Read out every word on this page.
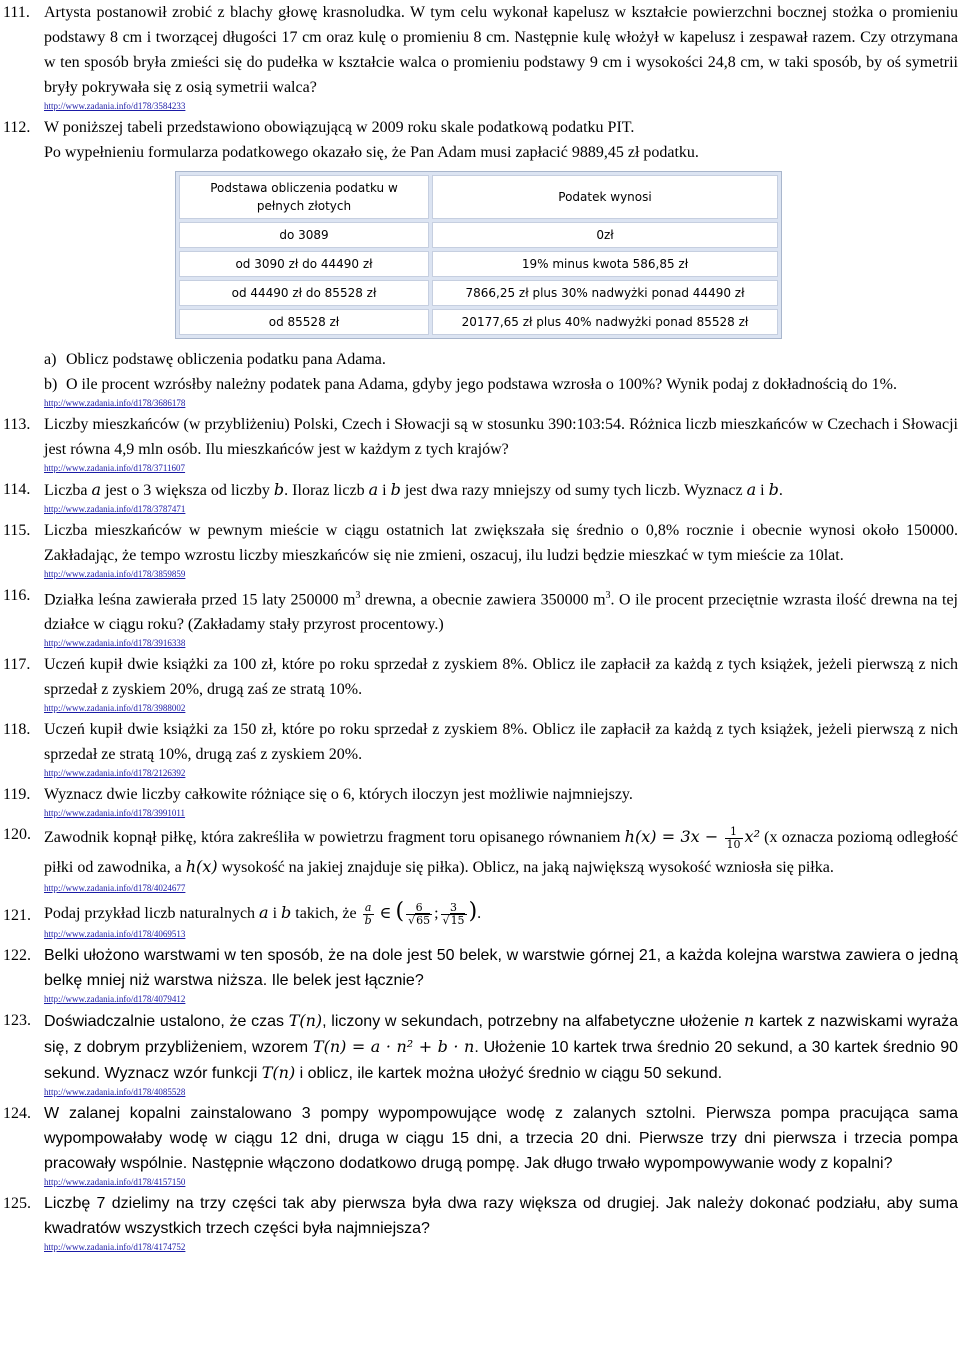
111. Artysta postanowił zrobić z blachy głowę krasnoludka. W tym celu wykonał kapelusz w kształcie powierzchni bocznej stożka o promieniu podstawy 8 cm i tworzącej długości 17 cm oraz kulę o promieniu 8 cm. Następnie kulę włożył w kapelusz i zespawał razem. Czy otrzymana w ten sposób bryła zmieści się do pudełka w kształcie walca o promieniu podstawy 9 cm i wysokości 24,8 cm, w taki sposób, by oś symetrii bryły pokrywała się z osią symetrii walca?
http://www.zadania.info/d178/3584233
112. W poniższej tabeli przedstawiono obowiązującą w 2009 roku skale podatkową podatku PIT.
Po wypełnieniu formularza podatkowego okazało się, że Pan Adam musi zapłacić 9889,45 zł podatku.
Podstawa obliczenia podatku w pełnych złotych	Podatek wynosi
do 3089	0zł
od 3090 zł do 44490 zł	19% minus kwota 586,85 zł
od 44490 zł do 85528 zł	7866,25 zł plus 30% nadwyżki ponad 44490 zł
od 85528 zł	20177,65 zł plus 40% nadwyżki ponad 85528 zł
a) Oblicz podstawę obliczenia podatku pana Adama.
b) O ile procent wzrósłby należny podatek pana Adama, gdyby jego podstawa wzrosła o 100%? Wynik podaj z dokładnością do 1%.
http://www.zadania.info/d178/3686178
113. Liczby mieszkańców (w przybliżeniu) Polski, Czech i Słowacji są w stosunku 390:103:54. Różnica liczb mieszkańców w Czechach i Słowacji jest równa 4,9 mln osób. Ilu mieszkańców jest w każdym z tych krajów?
http://www.zadania.info/d178/3711607
114. Liczba a jest o 3 większa od liczby b. Iloraz liczb a i b jest dwa razy mniejszy od sumy tych liczb. Wyznacz a i b.
http://www.zadania.info/d178/3787471
115. Liczba mieszkańców w pewnym mieście w ciągu ostatnich lat zwiększała się średnio o 0,8% rocznie i obecnie wynosi około 150000. Zakładając, że tempo wzrostu liczby mieszkańców się nie zmieni, oszacuj, ilu ludzi będzie mieszkać w tym mieście za 10lat.
http://www.zadania.info/d178/3859859
116. Działka leśna zawierała przed 15 laty 250000 $m^3$ drewna, a obecnie zawiera 350000 $m^3$. O ile procent przeciętnie wzrasta ilość drewna na tej działce w ciągu roku? (Zakładamy stały przyrost procentowy.)
http://www.zadania.info/d178/3916338
117. Uczeń kupił dwie książki za 100 zł, które po roku sprzedał z zyskiem 8%. Oblicz ile zapłacił za każdą z tych książek, jeżeli pierwszą z nich sprzedał z zyskiem 20%, drugą zaś ze stratą 10%.
http://www.zadania.info/d178/3988002
118. Uczeń kupił dwie książki za 150 zł, które po roku sprzedał z zyskiem 8%. Oblicz ile zapłacił za każdą z tych książek, jeżeli pierwszą z nich sprzedał ze stratą 10%, drugą zaś z zyskiem 20%.
http://www.zadania.info/d178/2126392
119. Wyznacz dwie liczby całkowite różniące się o 6, których iloczyn jest możliwie najmniejszy.
http://www.zadania.info/d178/3991011
120. Zawodnik kopnął piłkę, która zakreśliła w powietrzu fragment toru opisanego równaniem $h(x) = 3x - \frac{1}{10} x^2$ (x oznacza poziomą odległość piłki od zawodnika, a h(x) wysokość na jakiej znajduje się piłka). Oblicz, na jaką największą wysokość wzniosła się piłka.
http://www.zadania.info/d178/4024677
121. Podaj przykład liczb naturalnych a i b takich, że $\frac{a}{b}$ ∈ ( $\frac{6}{√65}$ ; $\frac{3}{√15}$ ).
http://www.zadania.info/d178/4069513
122. Belki ułożono warstwami w ten sposób, że na dole jest 50 belek, w warstwie górnej 21, a każda kolejna warstwa zawiera o jedną belkę mniej niż warstwa niższa. Ile belek jest łącznie?
http://www.zadania.info/d178/4079412
123. Doświadczalnie ustalono, że czas T(n), liczony w sekundach, potrzebny na alfabetyczne ułożenie n kartek z nazwiskami wyraża się, z dobrym przybliżeniem, wzorem T(n) = a · n² + b · n. Ułożenie 10 kartek trwa średnio 20 sekund, a 30 kartek średnio 90 sekund. Wyznacz wzór funkcji T(n) i oblicz, ile kartek można ułożyć średnio w ciągu 50 sekund.
http://www.zadania.info/d178/4085528
124. W zalanej kopalni zainstalowano 3 pompy wypompowujące wodę z zalanych sztolni. Pierwsza pompa pracująca sama wypompowałaby wodę w ciągu 12 dni, druga w ciągu 15 dni, a trzecia 20 dni. Pierwsze trzy dni pierwsza i trzecia pompa pracowały wspólnie. Następnie włączono dodatkowo drugą pompę. Jak długo trwało wypompowywanie wody z kopalni?
http://www.zadania.info/d178/4157150
125. Liczbę 7 dzielimy na trzy części tak aby pierwsza była dwa razy większa od drugiej. Jak należy dokonać podziału, aby suma kwadratów wszystkich trzech części była najmniejsza?
http://www.zadania.info/d178/4174752
